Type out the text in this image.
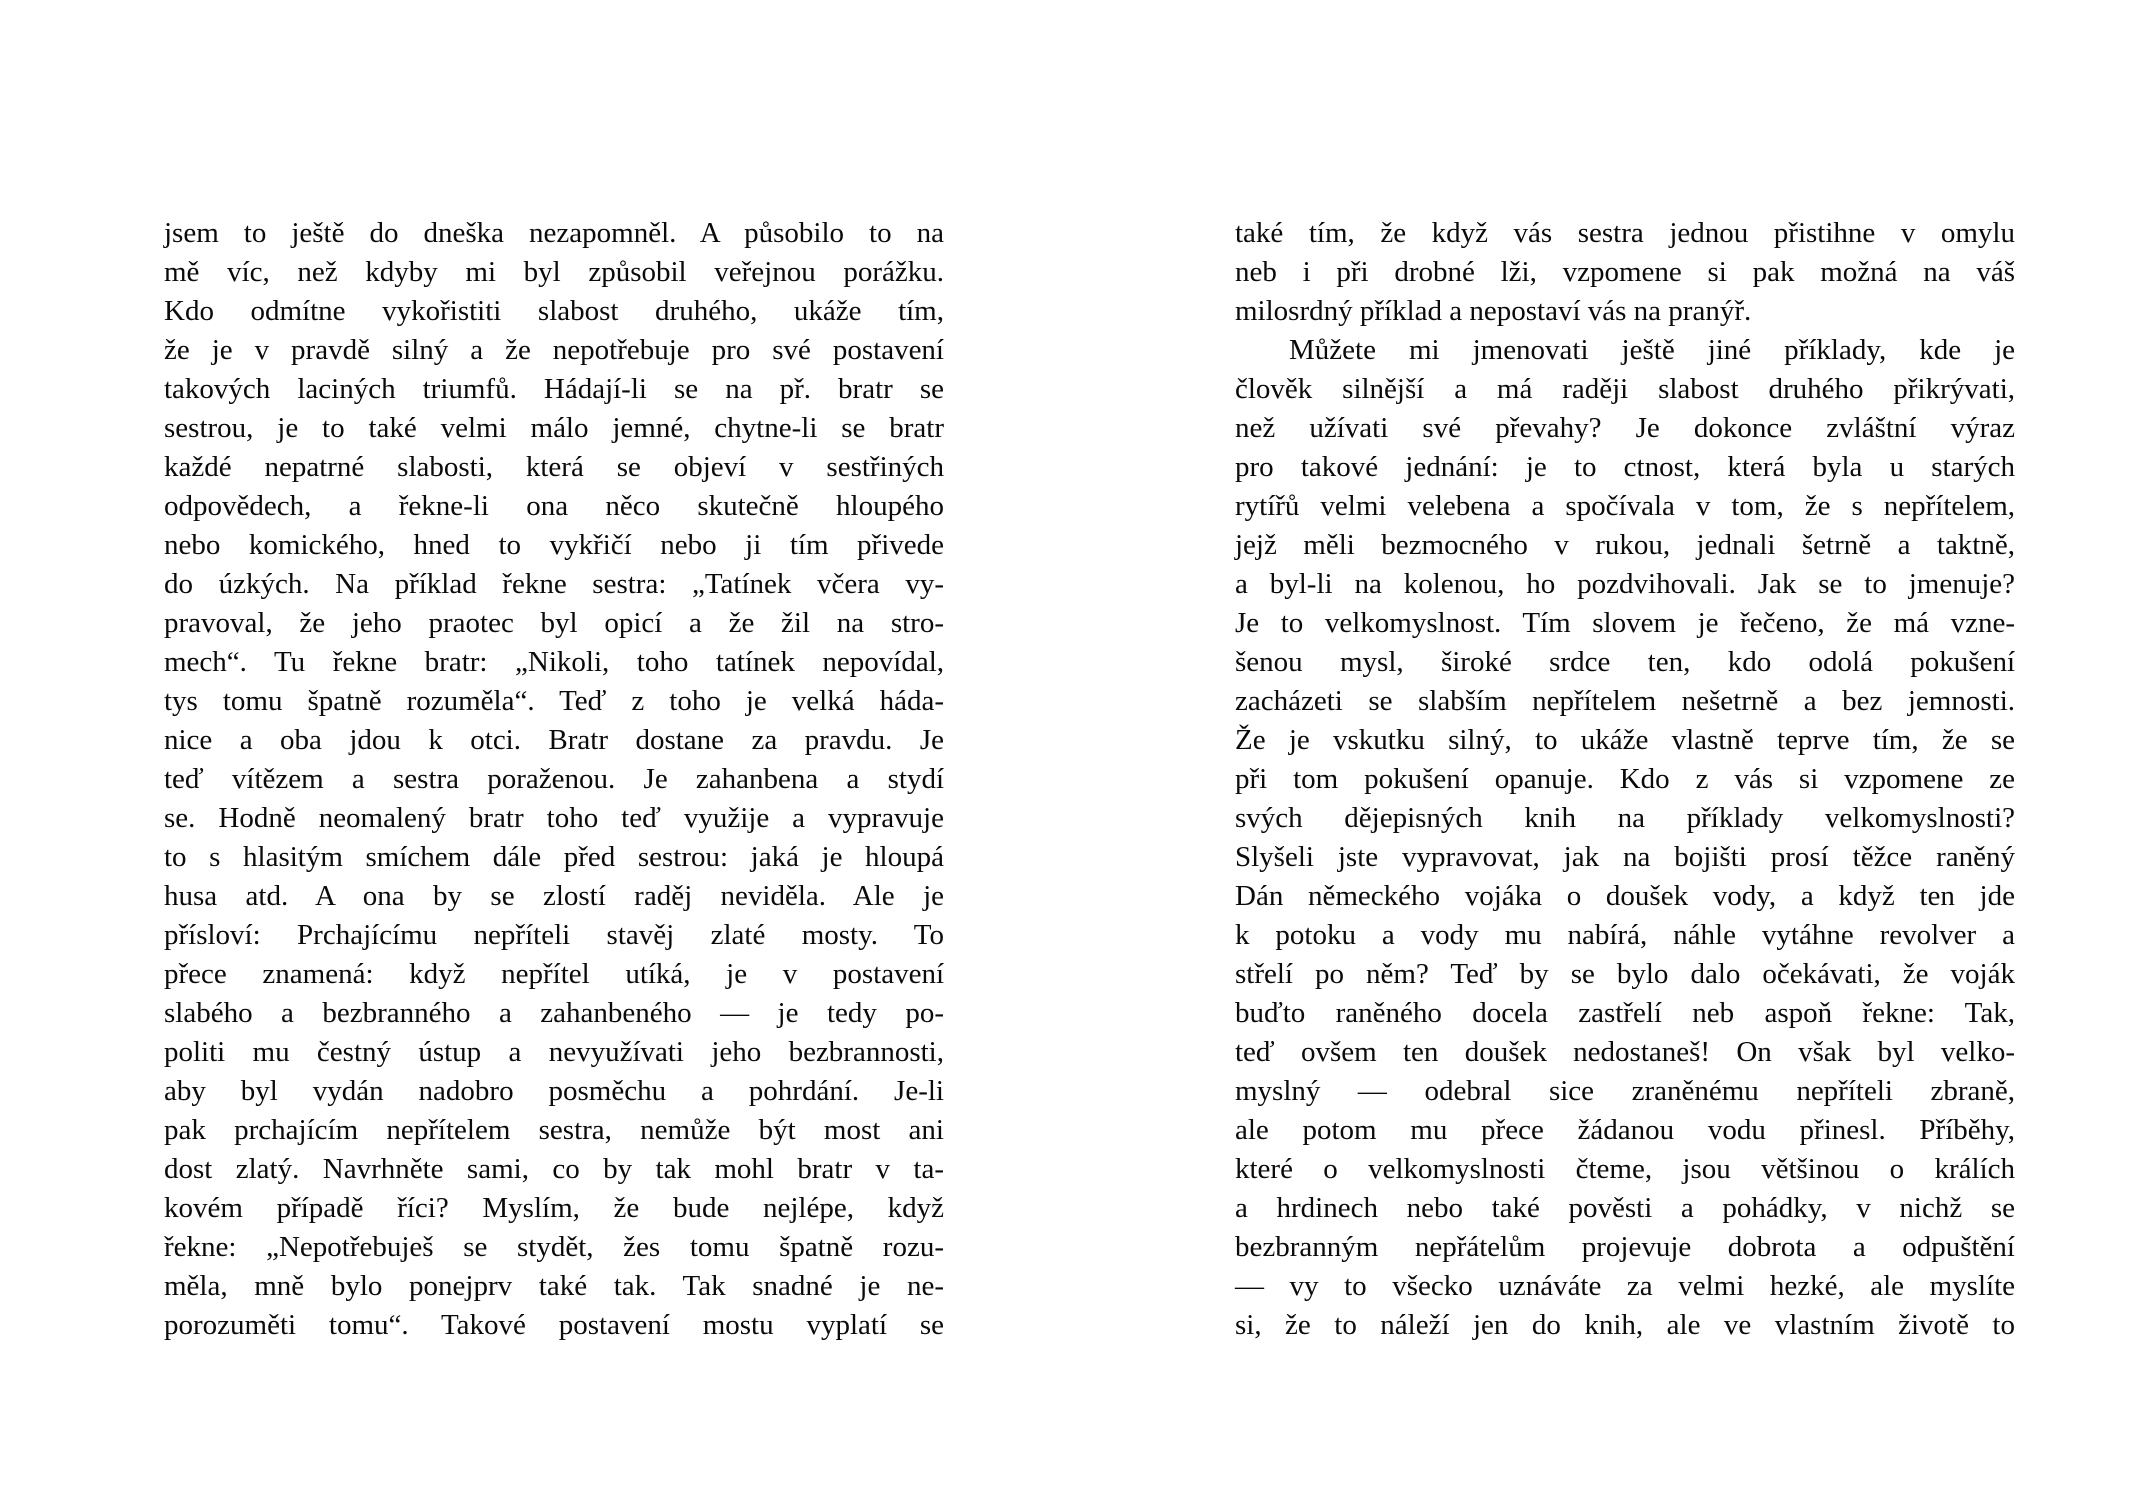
jsem to ještě do dneška nezapomněl. A působilo to na
mě víc, než kdyby mi byl způsobil veřejnou porážku.
Kdo odmítne vykořistiti slabost druhého, ukáže tím,
že je v pravdě silný a že nepotřebuje pro své postavení
takových laciných triumfů. Hádají-li se na př. bratr se
sestrou, je to také velmi málo jemné, chytne-li se bratr
každé nepatrné slabosti, která se objeví v sestřiných
odpovědech, a řekne-li ona něco skutečně hloupého
nebo komického, hned to vykřičí nebo ji tím přivede
do úzkých. Na příklad řekne sestra: „Tatínek včera vy-
pravoval, že jeho praotec byl opicí a že žil na stro-
mech“. Tu řekne bratr: „Nikoli, toho tatínek nepovídal,
tys tomu špatně rozuměla“. Teď z toho je velká háda-
nice a oba jdou k otci. Bratr dostane za pravdu. Je
teď vítězem a sestra poraženou. Je zahanbena a stydí
se. Hodně neomalený bratr toho teď využije a vypravuje
to s hlasitým smíchem dále před sestrou: jaká je hloupá
husa atd. A ona by se zlostí raděj neviděla. Ale je
přísloví: Prchajícímu nepříteli stavěj zlaté mosty. To
přece znamená: když nepřítel utíká, je v postavení
slabého a bezbranného a zahanbeného — je tedy po-
politi mu čestný ústup a nevyužívati jeho bezbrannosti,
aby byl vydán nadobro posměchu a pohrdání. Je-li
pak prchajícím nepřítelem sestra, nemůže být most ani
dost zlatý. Navrhněte sami, co by tak mohl bratr v ta-
kovém případě říci? Myslím, že bude nejlépe, když
řekne: „Nepotřebuješ se stydět, žes tomu špatně rozu-
měla, mně bylo ponejprv také tak. Tak snadné je ne-
porozuměti tomu“. Takové postavení mostu vyplatí se
také tím, že když vás sestra jednou přistihne v omylu
neb i při drobné lži, vzpomene si pak možná na váš
milosrdný příklad a nepostaví vás na pranýř.
Můžete mi jmenovati ještě jiné příklady, kde je
člověk silnější a má raději slabost druhého přikrývati,
než užívati své převahy? Je dokonce zvláštní výraz
pro takové jednání: je to ctnost, která byla u starých
rytířů velmi velebena a spočívala v tom, že s nepřítelem,
jejž měli bezmocného v rukou, jednali šetrně a taktně,
a byl-li na kolenou, ho pozdvihovali. Jak se to jmenuje?
Je to velkomyslnost. Tím slovem je řečeno, že má vzne-
šenou mysl, široké srdce ten, kdo odolá pokušení
zacházeti se slabším nepřítelem nešetrně a bez jemnosti.
Že je vskutku silný, to ukáže vlastně teprve tím, že se
při tom pokušení opanuje. Kdo z vás si vzpomene ze
svých dějepisných knih na příklady velkomyslnosti?
Slyšeli jste vypravovat, jak na bojišti prosí těžce raněný
Dán německého vojáka o doušek vody, a když ten jde
k potoku a vody mu nabírá, náhle vytáhne revolver a
střelí po něm? Teď by se bylo dalo očekávati, že voják
buďto raněného docela zastřelí neb aspoň řekne: Tak,
teď ovšem ten doušek nedostaneš! On však byl velko-
myslný — odebral sice zraněnému nepříteli zbraně,
ale potom mu přece žádanou vodu přinesl. Příběhy,
které o velkomyslnosti čteme, jsou většinou o králích
a hrdinech nebo také pověsti a pohádky, v nichž se
bezbranným nepřátelům projevuje dobrota a odpuštění
— vy to všecko uznáváte za velmi hezké, ale myslíte
si, že to náleží jen do knih, ale ve vlastním životě to
